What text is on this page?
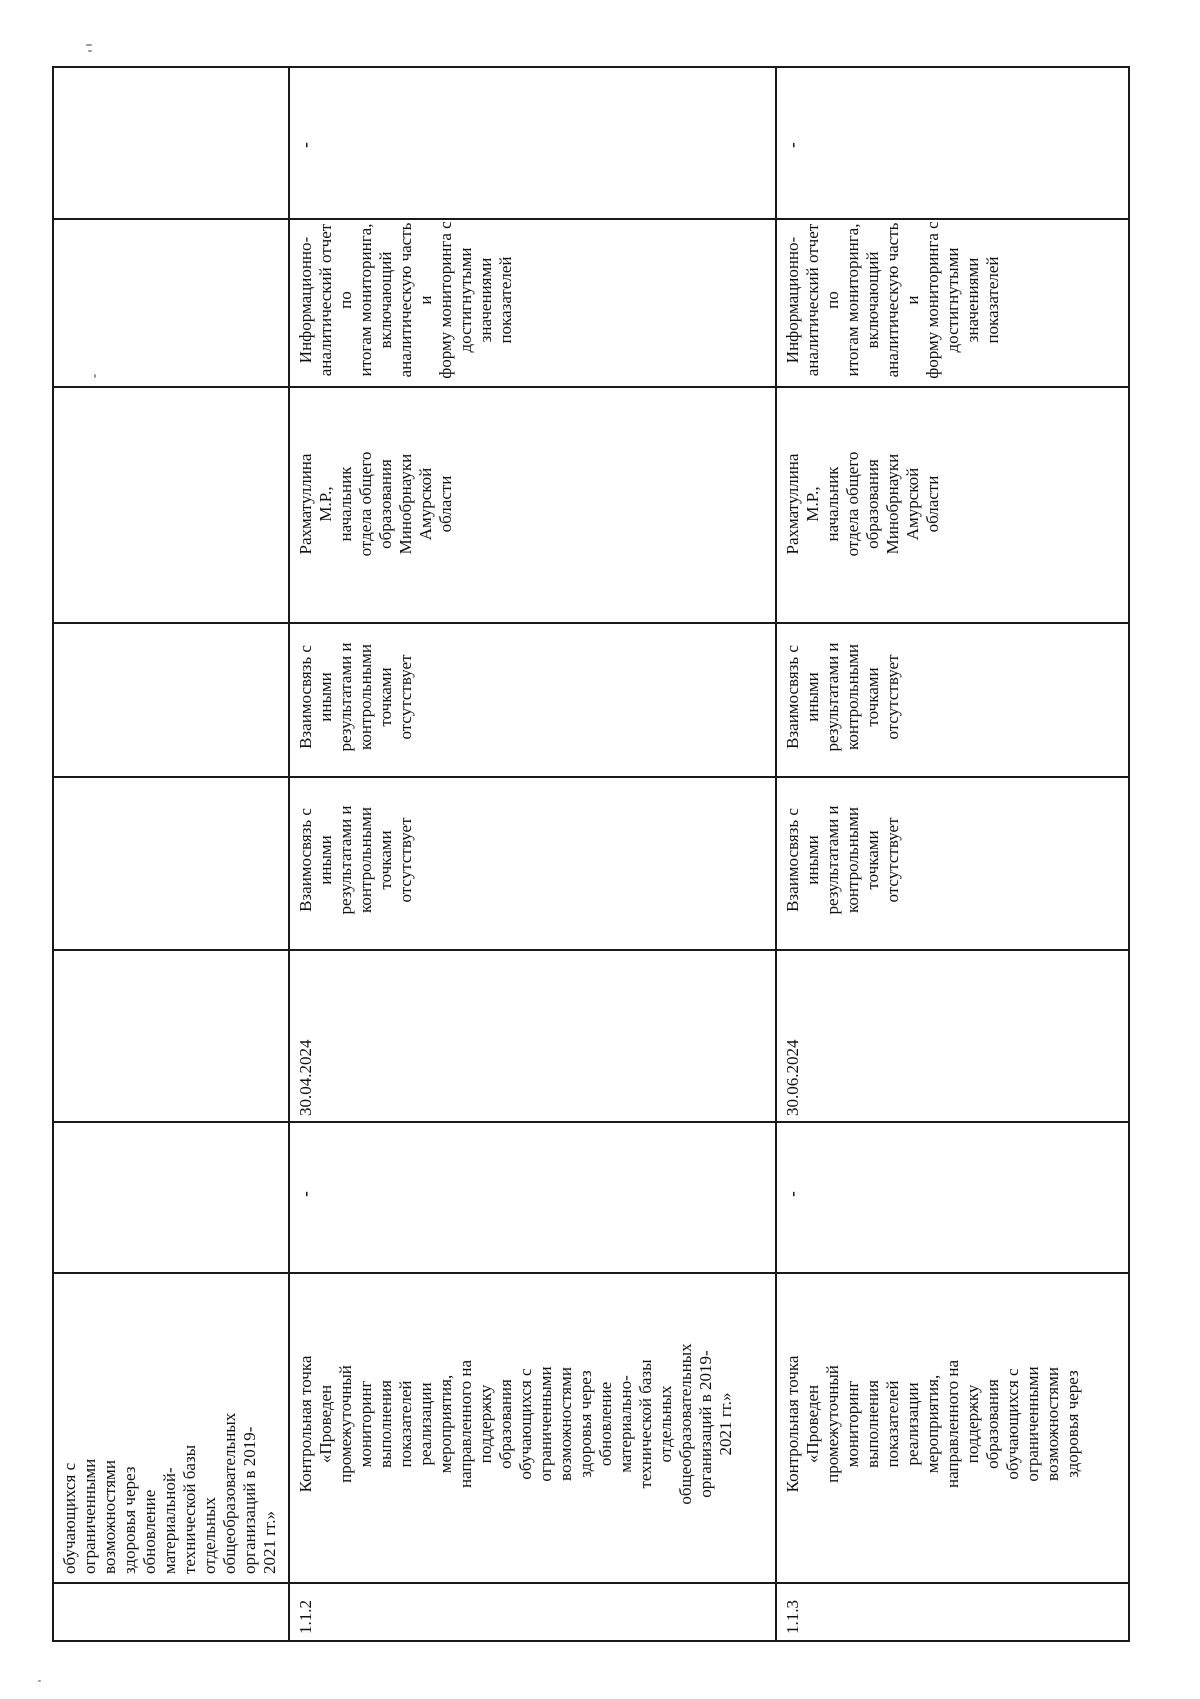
обучающихся с
ограниченными
возможностями
здоровья через
обновление
материальной-
технической базы
отдельных
общеобразовательных
организаций в 2019-
2021 гг.»
1.1.2
Контрольная точка
«Проведен
промежуточный
мониторинг
выполнения
показателей
реализации
мероприятия,
направленного на
поддержку
образования
обучающихся с
ограниченными
возможностями
здоровья через
обновление
материально-
технической базы
отдельных
общеобразовательных
организаций в 2019-
2021 гг.»
-
30.04.2024
Взаимосвязь с
иными
результатами и
контрольными
точками
отсутствует
Взаимосвязь с
иными
результатами и
контрольными
точками
отсутствует
Рахматуллина
М.Р.,
начальник
отдела общего
образования
Минобрнауки
Амурской
области
Информационно-
аналитический отчет по
итогам мониторинга,
включающий
аналитическую часть и
форму мониторинга с
достигнутыми
значениями показателей
-
1.1.3
Контрольная точка
«Проведен
промежуточный
мониторинг
выполнения
показателей
реализации
мероприятия,
направленного на
поддержку
образования
обучающихся с
ограниченными
возможностями
здоровья через
-
30.06.2024
Взаимосвязь с
иными
результатами и
контрольными
точками
отсутствует
Взаимосвязь с
иными
результатами и
контрольными
точками
отсутствует
Рахматуллина
М.Р.,
начальник
отдела общего
образования
Минобрнауки
Амурской
области
Информационно-
аналитический отчет по
итогам мониторинга,
включающий
аналитическую часть и
форму мониторинга с
достигнутыми
значениями показателей
-
